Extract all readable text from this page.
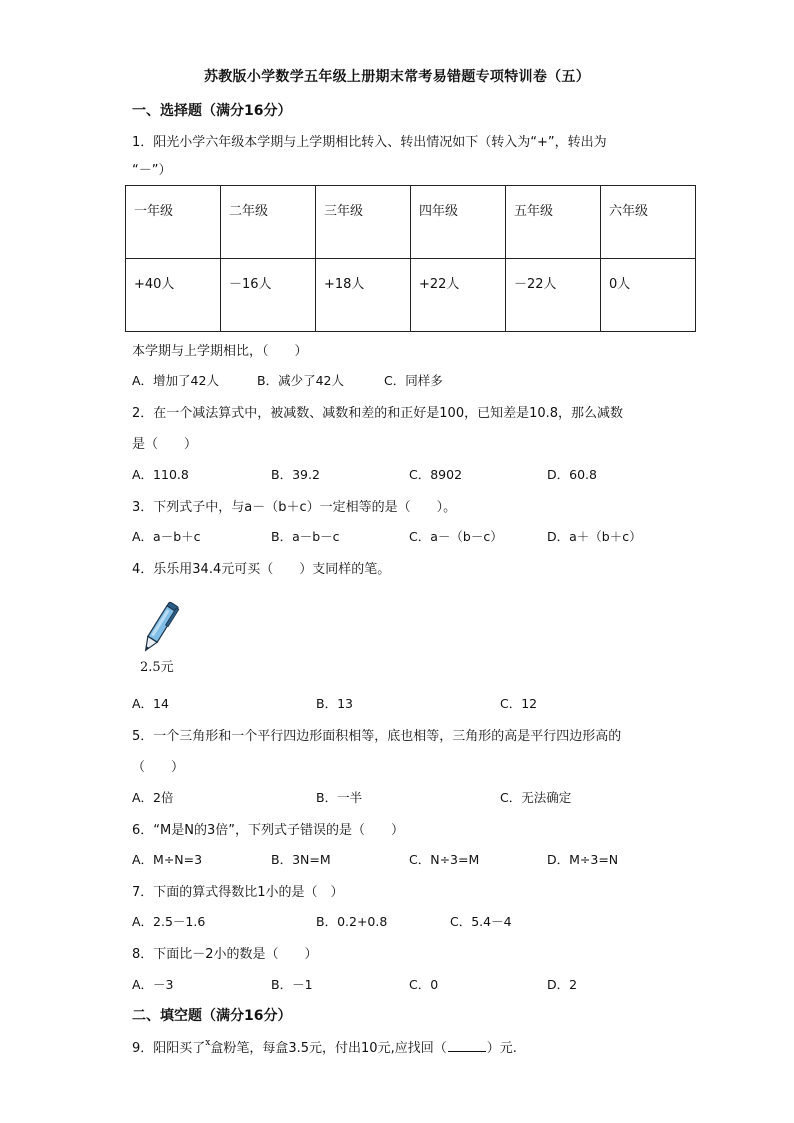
苏教版小学数学五年级上册期末常考易错题专项特训卷（五）
一、选择题（满分16分）
1．阳光小学六年级本学期与上学期相比转入、转出情况如下（转入为“+”，转出为
“－”）
一年级	二年级	三年级	四年级	五年级	六年级
+40人	－16人	+18人	+22人	－22人	0人
本学期与上学期相比，（　　）
A．增加了42人	B．减少了42人	C．同样多
2．在一个减法算式中，被减数、减数和差的和正好是100，已知差是10.8，那么减数
是（　　）
A．110.8	B．39.2	C．8902	D．60.8
3．下列式子中，与a－（b＋c）一定相等的是（　　）。
A．a－b＋c	B．a－b－c	C．a－（b－c）	D．a＋（b＋c）
4．乐乐用34.4元可买（　　）支同样的笔。
2.5元
A．14	B．13	C．12
5．一个三角形和一个平行四边形面积相等，底也相等，三角形的高是平行四边形高的
（　　）
A．2倍	B．一半	C．无法确定
6．“M是N的3倍”，下列式子错误的是（　　）
A．M÷N=3	B．3N=M	C．N÷3=M	D．M÷3=N
7．下面的算式得数比1小的是（　）
A．2.5－1.6	B．0.2+0.8	C．5.4－4
8．下面比－2小的数是（　　）
A．－3	B．－1	C．0	D．2
二、填空题（满分16分）
9．阳阳买了$^x$盒粉笔，每盒3.5元，付出10元,应找回（	）元.
